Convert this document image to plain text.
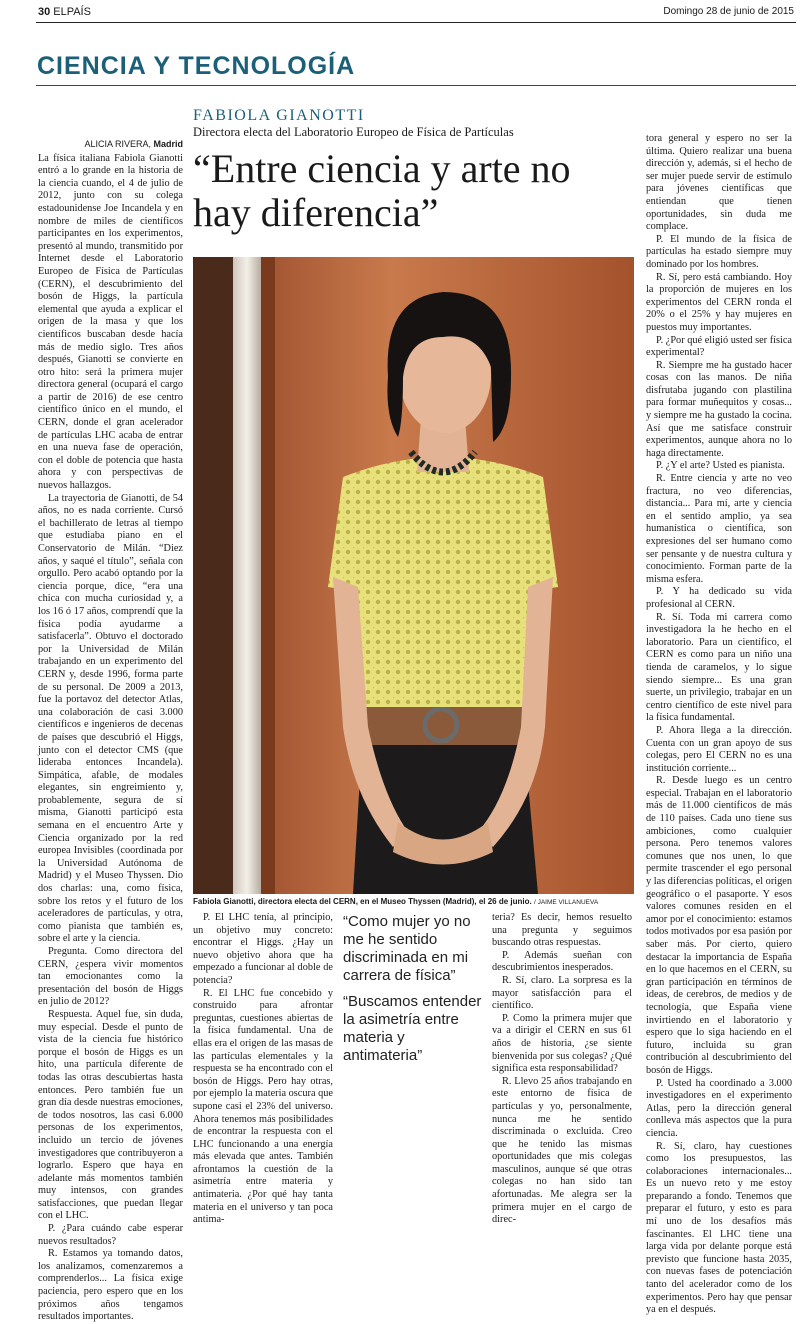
30 ELPAÍS	Domingo 28 de junio de 2015
CIENCIA Y TECNOLOGÍA
FABIOLA GIANOTTI
Directora electa del Laboratorio Europeo de Física de Partículas
“Entre ciencia y arte no hay diferencia”
ALICIA RIVERA, Madrid

La física italiana Fabiola Gianotti entró a lo grande en la historia de la ciencia cuando, el 4 de julio de 2012, junto con su colega estadounidense Joe Incandela y en nombre de miles de científicos participantes en los experimentos, presentó al mundo, transmitido por Internet desde el Laboratorio Europeo de Física de Partículas (CERN), el descubrimiento del bosón de Higgs, la partícula elemental que ayuda a explicar el origen de la masa y que los científicos buscaban desde hacía más de medio siglo. Tres años después, Gianotti se convierte en otro hito: será la primera mujer directora general (ocupará el cargo a partir de 2016) de ese centro científico único en el mundo, el CERN, donde el gran acelerador de partículas LHC acaba de entrar en una nueva fase de operación, con el doble de potencia que hasta ahora y con perspectivas de nuevos hallazgos.

La trayectoria de Gianotti, de 54 años, no es nada corriente. Cursó el bachillerato de letras al tiempo que estudiaba piano en el Conservatorio de Milán. “Diez años, y saqué el título”, señala con orgullo. Pero acabó optando por la ciencia porque, dice, “era una chica con mucha curiosidad y, a los 16 ó 17 años, comprendí que la física podía ayudarme a satisfacerla”. Obtuvo el doctorado por la Universidad de Milán trabajando en un experimento del CERN y, desde 1996, forma parte de su personal. De 2009 a 2013, fue la portavoz del detector Atlas, una colaboración de casi 3.000 científicos e ingenieros de decenas de países que descubrió el Higgs, junto con el detector CMS (que lideraba entonces Incandela). Simpática, afable, de modales elegantes, sin engreimiento y, probablemente, segura de sí misma, Gianotti participó esta semana en el encuentro Arte y Ciencia organizado por la red europea Invisibles (coordinada por la Universidad Autónoma de Madrid) y el Museo Thyssen. Dio dos charlas: una, como física, sobre los retos y el futuro de los aceleradores de partículas, y otra, como pianista que también es, sobre el arte y la ciencia.

Pregunta. Como directora del CERN, ¿espera vivir momentos tan emocionantes como la presentación del bosón de Higgs en julio de 2012?

Respuesta. Aquel fue, sin duda, muy especial. Desde el punto de vista de la ciencia fue histórico porque el bosón de Higgs es un hito, una partícula diferente de todas las otras descubiertas hasta entonces. Pero también fue un gran día desde nuestras emociones, de todos nosotros, las casi 6.000 personas de los experimentos, incluido un tercio de jóvenes investigadores que contribuyeron a lograrlo. Espero que haya en adelante más momentos también muy intensos, con grandes satisfacciones, que puedan llegar con el LHC.

P. ¿Para cuándo cabe esperar nuevos resultados?

R. Estamos ya tomando datos, los analizamos, comenzaremos a comprenderlos... La física exige paciencia, pero espero que en los próximos años tengamos resultados importantes.

Fabiola Gianotti, directora electa del CERN, en el Museo Thyssen (Madrid), el 26 de junio. / JAIME VILLANUEVA

P. El LHC tenía, al principio, un objetivo muy concreto: encontrar el Higgs. ¿Hay un nuevo objetivo ahora que ha empezado a funcionar al doble de potencia?

R. El LHC fue concebido y construido para afrontar preguntas, cuestiones abiertas de la física fundamental. Una de ellas era el origen de las masas de las partículas elementales y la respuesta se ha encontrado con el bosón de Higgs. Pero hay otras, por ejemplo la materia oscura que supone casi el 23% del universo. Ahora tenemos más posibilidades de encontrar la respuesta con el LHC funcionando a una energía más elevada que antes. También afrontamos la cuestión de la asimetría entre materia y antimateria. ¿Por qué hay tanta materia en el universo y tan poca antima-

“Como mujer yo no me he sentido discriminada en mi carrera de física”
“Buscamos entender la asimetría entre materia y antimateria”

teria? Es decir, hemos resuelto una pregunta y seguimos buscando otras respuestas.

P. Además sueñan con descubrimientos inesperados.

R. Sí, claro. La sorpresa es la mayor satisfacción para el científico.

P. Como la primera mujer que va a dirigir el CERN en sus 61 años de historia, ¿se siente bienvenida por sus colegas? ¿Qué significa esta responsabilidad?

R. Llevo 25 años trabajando en este entorno de física de partículas y yo, personalmente, nunca me he sentido discriminada o excluida. Creo que he tenido las mismas oportunidades que mis colegas masculinos, aunque sé que otras colegas no han sido tan afortunadas. Me alegra ser la primera mujer en el cargo de direc-

tora general y espero no ser la última. Quiero realizar una buena dirección y, además, si el hecho de ser mujer puede servir de estímulo para jóvenes científicas que entiendan que tienen oportunidades, sin duda me complace.

P. El mundo de la física de partículas ha estado siempre muy dominado por los hombres.

R. Sí, pero está cambiando. Hoy la proporción de mujeres en los experimentos del CERN ronda el 20% o el 25% y hay mujeres en puestos muy importantes.

P. ¿Por qué eligió usted ser física experimental?

R. Siempre me ha gustado hacer cosas con las manos. De niña disfrutaba jugando con plastilina para formar muñequitos y cosas... y siempre me ha gustado la cocina. Así que me satisface construir experimentos, aunque ahora no lo haga directamente.

P. ¿Y el arte? Usted es pianista.

R. Entre ciencia y arte no veo fractura, no veo diferencias, distancia... Para mí, arte y ciencia en el sentido amplio, ya sea humanística o científica, son expresiones del ser humano como ser pensante y de nuestra cultura y conocimiento. Forman parte de la misma esfera.

P. Y ha dedicado su vida profesional al CERN.

R. Sí. Toda mi carrera como investigadora la he hecho en el laboratorio. Para un científico, el CERN es como para un niño una tienda de caramelos, y lo sigue siendo siempre... Es una gran suerte, un privilegio, trabajar en un centro científico de este nivel para la física fundamental.

P. Ahora llega a la dirección. Cuenta con un gran apoyo de sus colegas, pero El CERN no es una institución corriente...

R. Desde luego es un centro especial. Trabajan en el laboratorio más de 11.000 científicos de más de 110 países. Cada uno tiene sus ambiciones, como cualquier persona. Pero tenemos valores comunes que nos unen, lo que permite trascender el ego personal y las diferencias políticas, el origen geográfico o el pasaporte. Y esos valores comunes residen en el amor por el conocimiento: estamos todos motivados por esa pasión por saber más. Por cierto, quiero destacar la importancia de España en lo que hacemos en el CERN, su gran participación en términos de ideas, de cerebros, de medios y de tecnología, que España viene invirtiendo en el laboratorio y espero que lo siga haciendo en el futuro, incluida su gran contribución al descubrimiento del bosón de Higgs.

P. Usted ha coordinado a 3.000 investigadores en el experimento Atlas, pero la dirección general conlleva más aspectos que la pura ciencia.

R. Sí, claro, hay cuestiones como los presupuestos, las colaboraciones internacionales... Es un nuevo reto y me estoy preparando a fondo. Tenemos que preparar el futuro, y esto es para mí uno de los desafíos más fascinantes. El LHC tiene una larga vida por delante porque está previsto que funcione hasta 2035, con nuevas fases de potenciación tanto del acelerador como de los experimentos. Pero hay que pensar ya en el después.
